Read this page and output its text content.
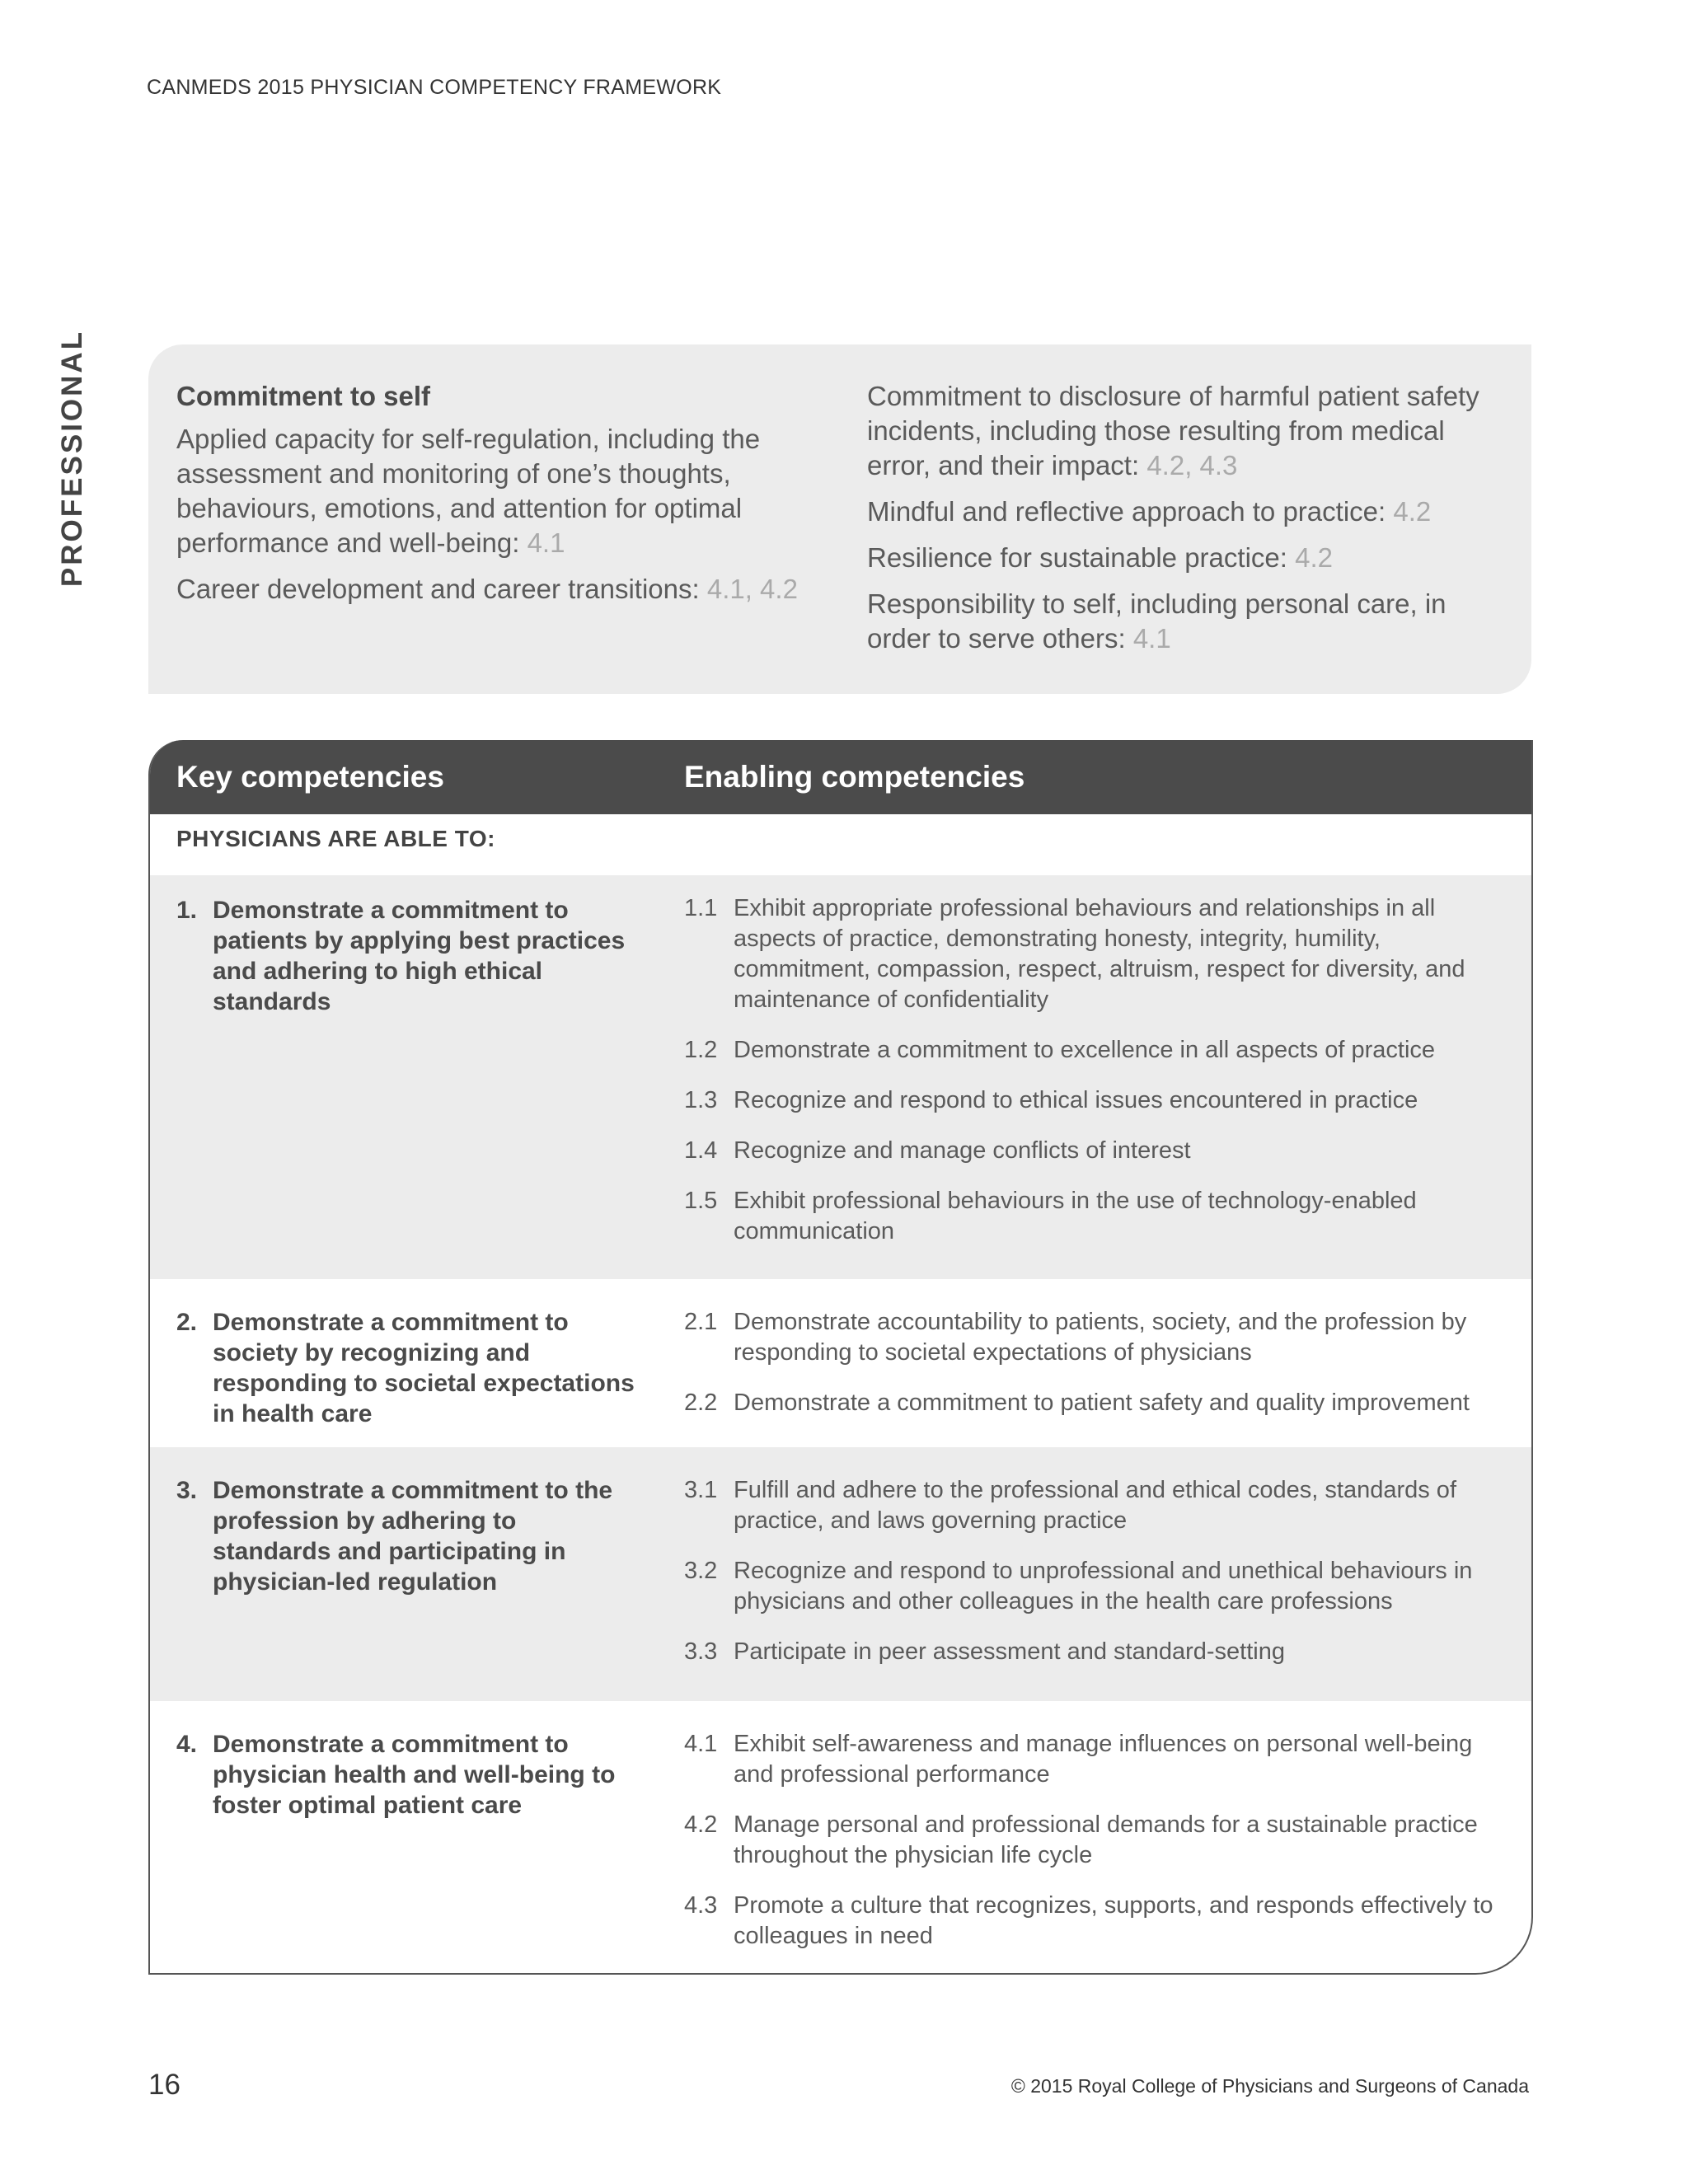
CANMEDS 2015 PHYSICIAN COMPETENCY FRAMEWORK
PROFESSIONAL	Commitment to self
Applied capacity for self-regulation, including the assessment and monitoring of one’s thoughts, behaviours, emotions, and attention for optimal performance and well-being: 4.1
Career development and career transitions: 4.1, 4.2
Commitment to disclosure of harmful patient safety incidents, including those resulting from medical error, and their impact: 4.2, 4.3
Mindful and reflective approach to practice: 4.2
Resilience for sustainable practice: 4.2
Responsibility to self, including personal care, in order to serve others: 4.1
Key competencies	Enabling competencies
PHYSICIANS ARE ABLE TO:
1. Demonstrate a commitment to patients by applying best practices and adhering to high ethical standards
1.1 Exhibit appropriate professional behaviours and relationships in all aspects of practice, demonstrating honesty, integrity, humility, commitment, compassion, respect, altruism, respect for diversity, and maintenance of confidentiality
1.2 Demonstrate a commitment to excellence in all aspects of practice
1.3 Recognize and respond to ethical issues encountered in practice
1.4 Recognize and manage conflicts of interest
1.5 Exhibit professional behaviours in the use of technology-enabled communication
2. Demonstrate a commitment to society by recognizing and responding to societal expectations in health care
2.1 Demonstrate accountability to patients, society, and the profession by responding to societal expectations of physicians
2.2 Demonstrate a commitment to patient safety and quality improvement
3. Demonstrate a commitment to the profession by adhering to standards and participating in physician-led regulation
3.1 Fulfill and adhere to the professional and ethical codes, standards of practice, and laws governing practice
3.2 Recognize and respond to unprofessional and unethical behaviours in physicians and other colleagues in the health care professions
3.3 Participate in peer assessment and standard-setting
4. Demonstrate a commitment to physician health and well-being to foster optimal patient care
4.1 Exhibit self-awareness and manage influences on personal well-being and professional performance
4.2 Manage personal and professional demands for a sustainable practice throughout the physician life cycle
4.3 Promote a culture that recognizes, supports, and responds effectively to colleagues in need
16	© 2015 Royal College of Physicians and Surgeons of Canada
